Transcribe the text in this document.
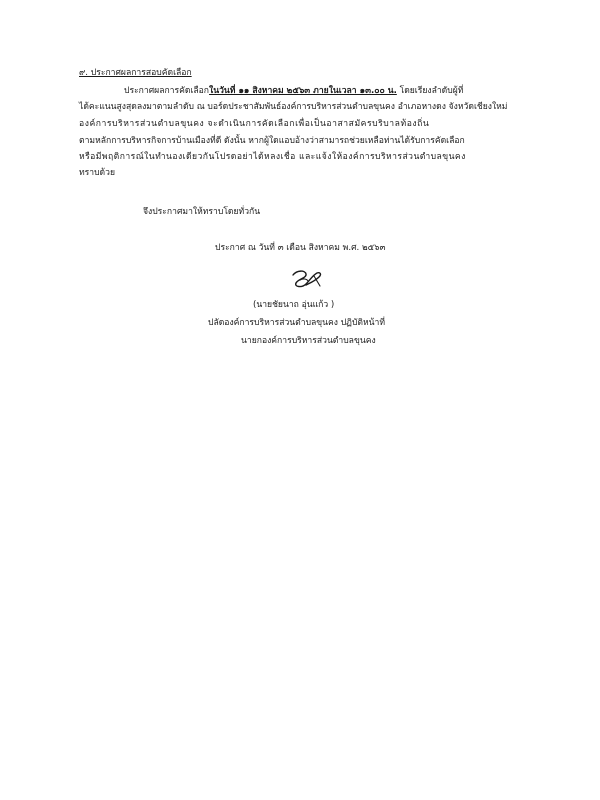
๙. ประกาศผลการสอบคัดเลือก
ประกาศผลการคัดเลือกในวันที่ ๑๑ สิงหาคม ๒๕๖๓ ภายในเวลา ๑๓.๐๐ น. โดยเรียงลำดับผู้ที่
ได้คะแนนสูงสุดลงมาตามลำดับ ณ บอร์ดประชาสัมพันธ์องค์การบริหารส่วนตำบลขุนคง อำเภอหางดง จังหวัดเชียงใหม่
องค์การบริหารส่วนตำบลขุนคง จะดำเนินการคัดเลือกเพื่อเป็นอาสาสมัครบริบาลท้องถิ่น
ตามหลักการบริหารกิจการบ้านเมืองที่ดี ดังนั้น หากผู้ใดแอบอ้างว่าสามารถช่วยเหลือท่านได้รับการคัดเลือก
หรือมีพฤติการณ์ในทำนองเดียวกันโปรดอย่าได้หลงเชื่อ และแจ้งให้องค์การบริหารส่วนตำบลขุนคง
ทราบด้วย
จึงประกาศมาให้ทราบโดยทั่วกัน
ประกาศ ณ วันที่ ๓ เดือน สิงหาคม พ.ศ. ๒๕๖๓
(นายชัยนาถ อุ่นแก้ว )
ปลัดองค์การบริหารส่วนตำบลขุนคง ปฏิบัติหน้าที่
นายกองค์การบริหารส่วนตำบลขุนคง
